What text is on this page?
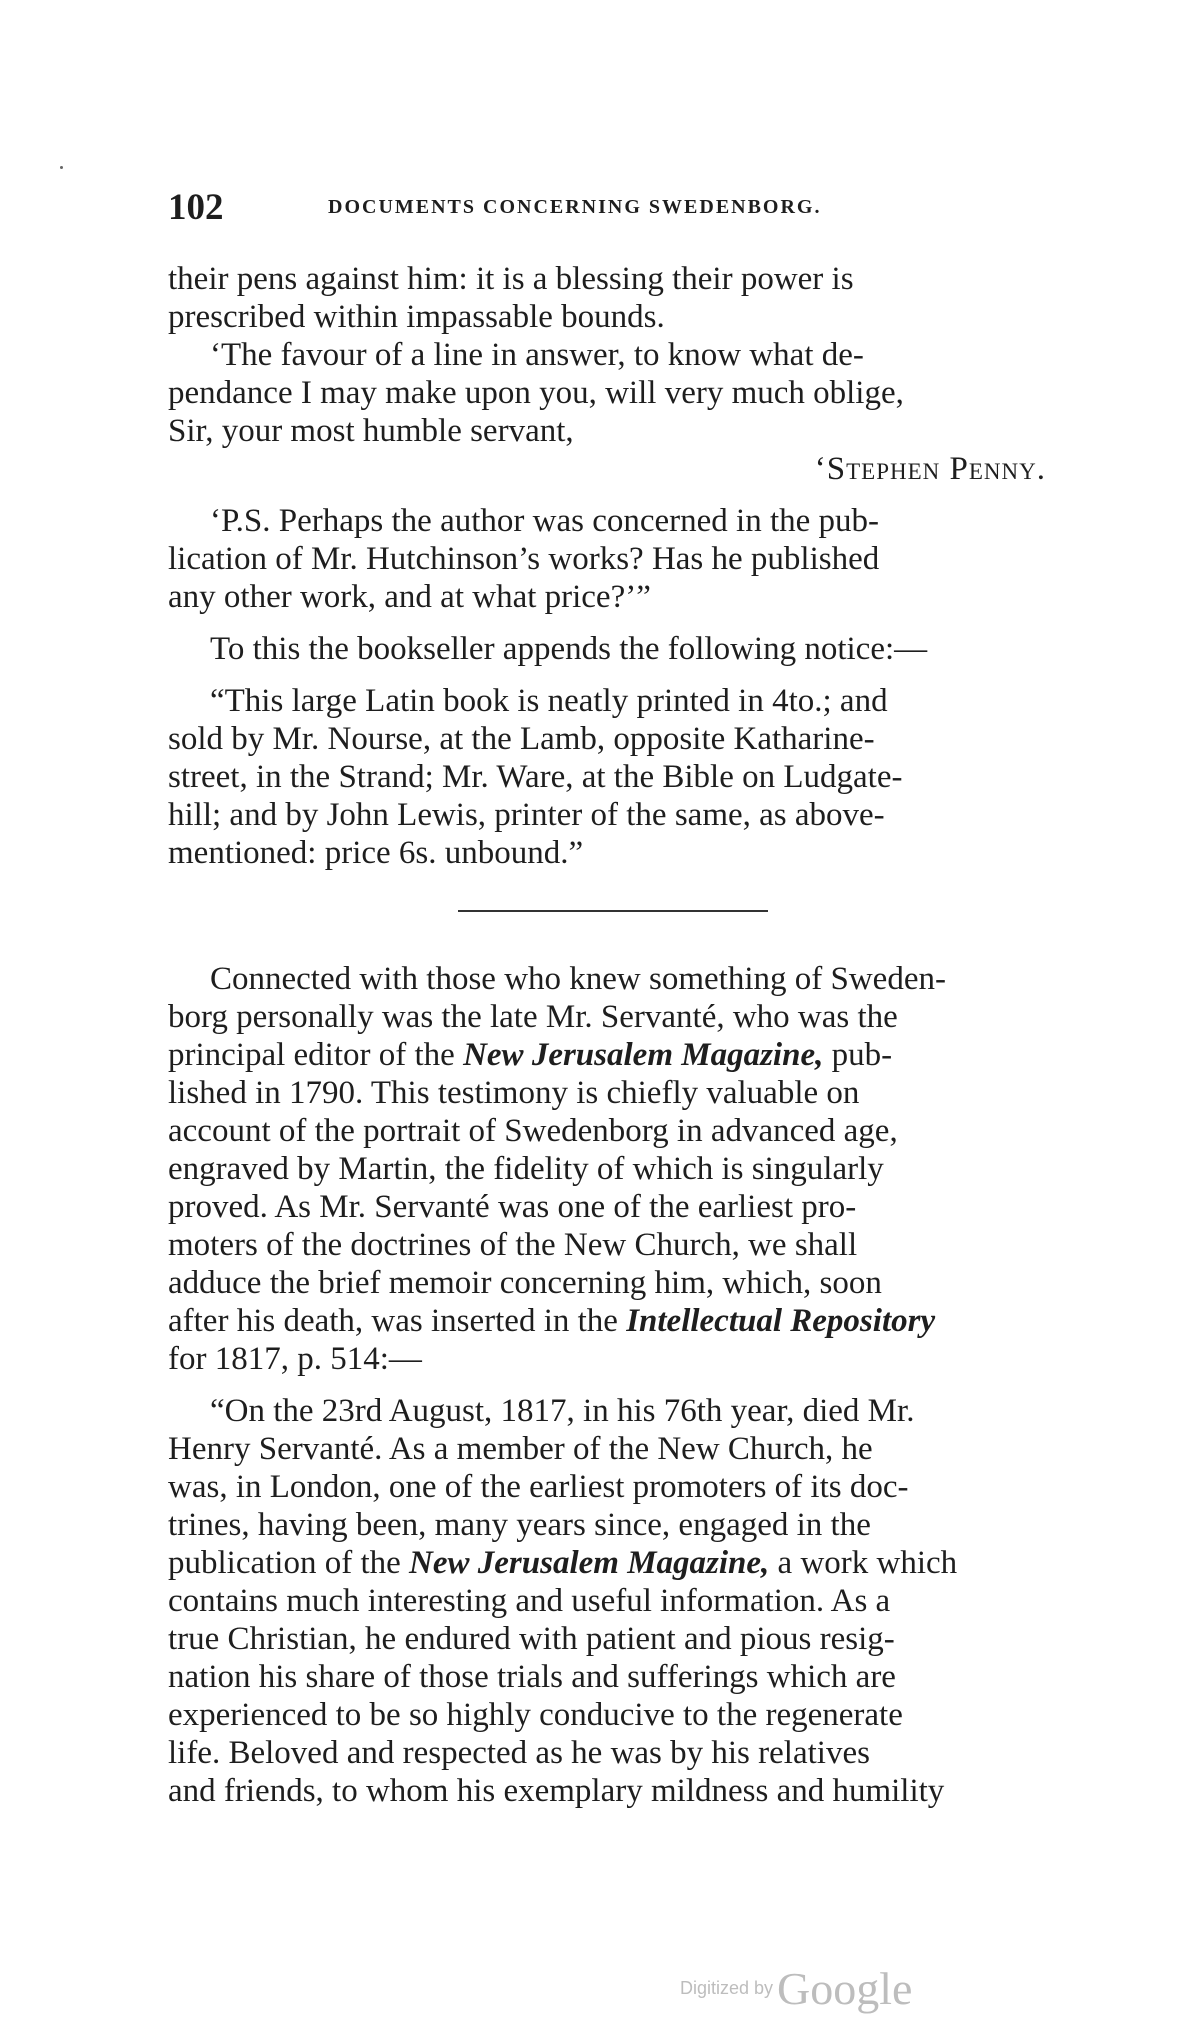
102	DOCUMENTS CONCERNING SWEDENBORG.
their pens against him: it is a blessing their power is
prescribed within impassable bounds.
‘The favour of a line in answer, to know what de-
pendance I may make upon you, will very much oblige,
Sir, your most humble servant,
‘Stephen Penny.
‘P.S. Perhaps the author was concerned in the pub-
lication of Mr. Hutchinson’s works? Has he published
any other work, and at what price?’”
To this the bookseller appends the following notice:—
“This large Latin book is neatly printed in 4to.; and
sold by Mr. Nourse, at the Lamb, opposite Katharine-
street, in the Strand; Mr. Ware, at the Bible on Ludgate-
hill; and by John Lewis, printer of the same, as above-
mentioned: price 6s. unbound.”
Connected with those who knew something of Sweden-
borg personally was the late Mr. Servanté, who was the
principal editor of the New Jerusalem Magazine, pub-
lished in 1790. This testimony is chiefly valuable on
account of the portrait of Swedenborg in advanced age,
engraved by Martin, the fidelity of which is singularly
proved. As Mr. Servanté was one of the earliest pro-
moters of the doctrines of the New Church, we shall
adduce the brief memoir concerning him, which, soon
after his death, was inserted in the Intellectual Repository
for 1817, p. 514:—
“On the 23rd August, 1817, in his 76th year, died Mr.
Henry Servanté. As a member of the New Church, he
was, in London, one of the earliest promoters of its doc-
trines, having been, many years since, engaged in the
publication of the New Jerusalem Magazine, a work which
contains much interesting and useful information. As a
true Christian, he endured with patient and pious resig-
nation his share of those trials and sufferings which are
experienced to be so highly conducive to the regenerate
life. Beloved and respected as he was by his relatives
and friends, to whom his exemplary mildness and humility
Digitized by Google
